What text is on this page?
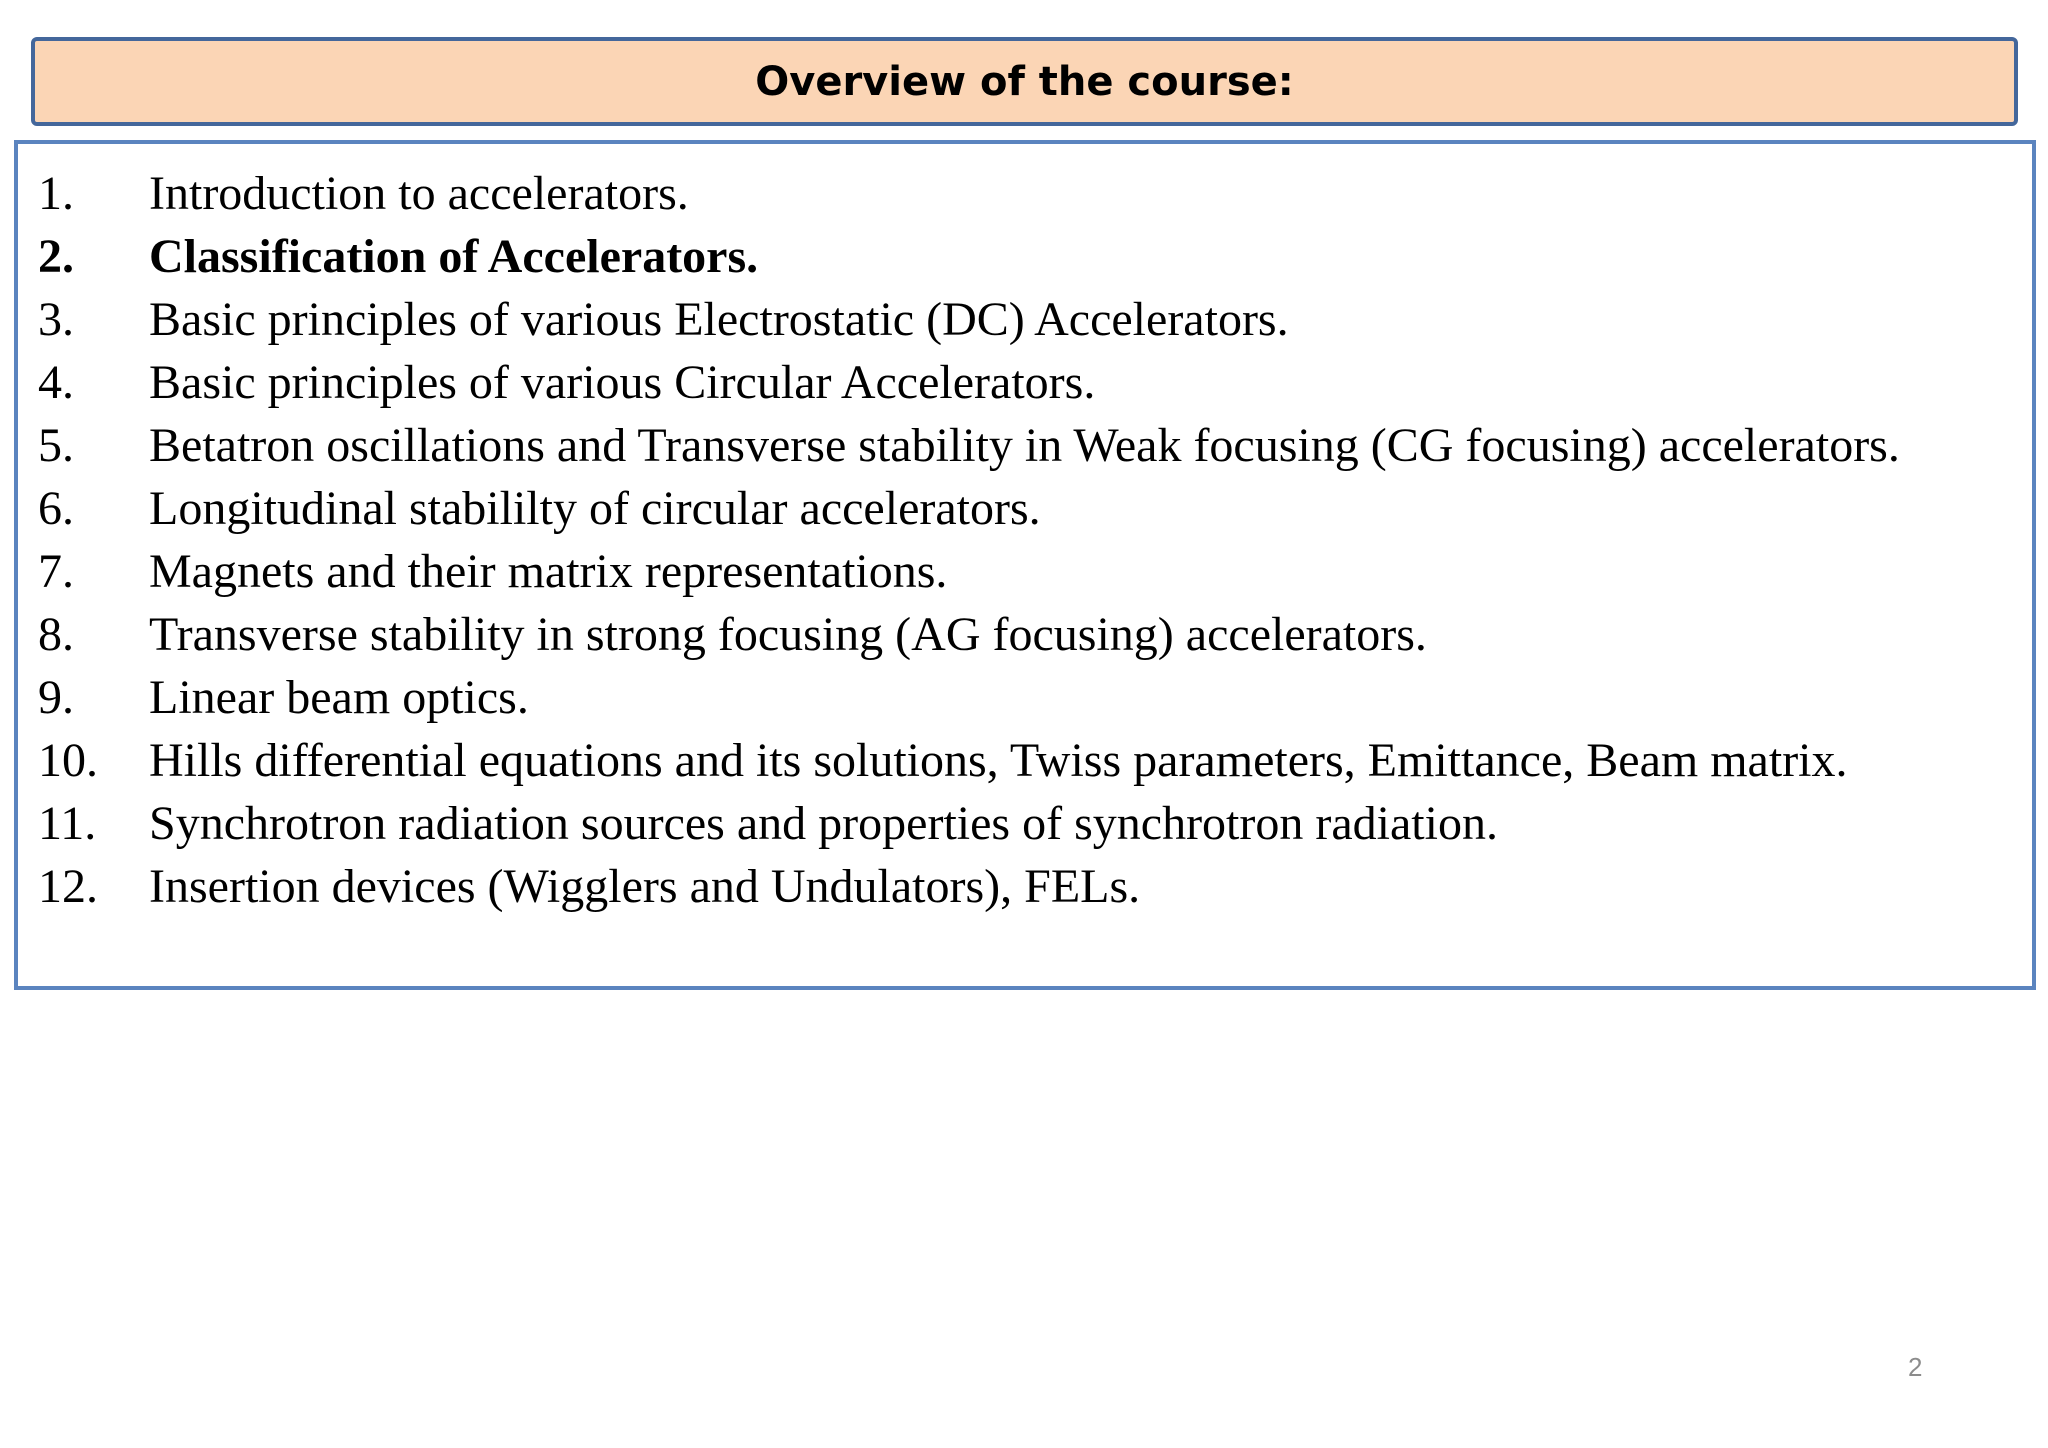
Overview of the course:
1.	Introduction to accelerators.
2.	Classification of Accelerators.
3.	Basic principles of various Electrostatic (DC) Accelerators.
4.	Basic principles of various Circular Accelerators.
5.	Betatron oscillations and Transverse stability in Weak focusing (CG focusing) accelerators.
6.	Longitudinal stabililty of circular accelerators.
7.	Magnets and their matrix representations.
8.	Transverse stability in strong focusing (AG focusing) accelerators.
9.	Linear beam optics.
10.	Hills differential equations and its solutions, Twiss parameters, Emittance, Beam matrix.
11.	Synchrotron radiation sources and properties of synchrotron radiation.
12.	Insertion devices (Wigglers and Undulators), FELs.
2
